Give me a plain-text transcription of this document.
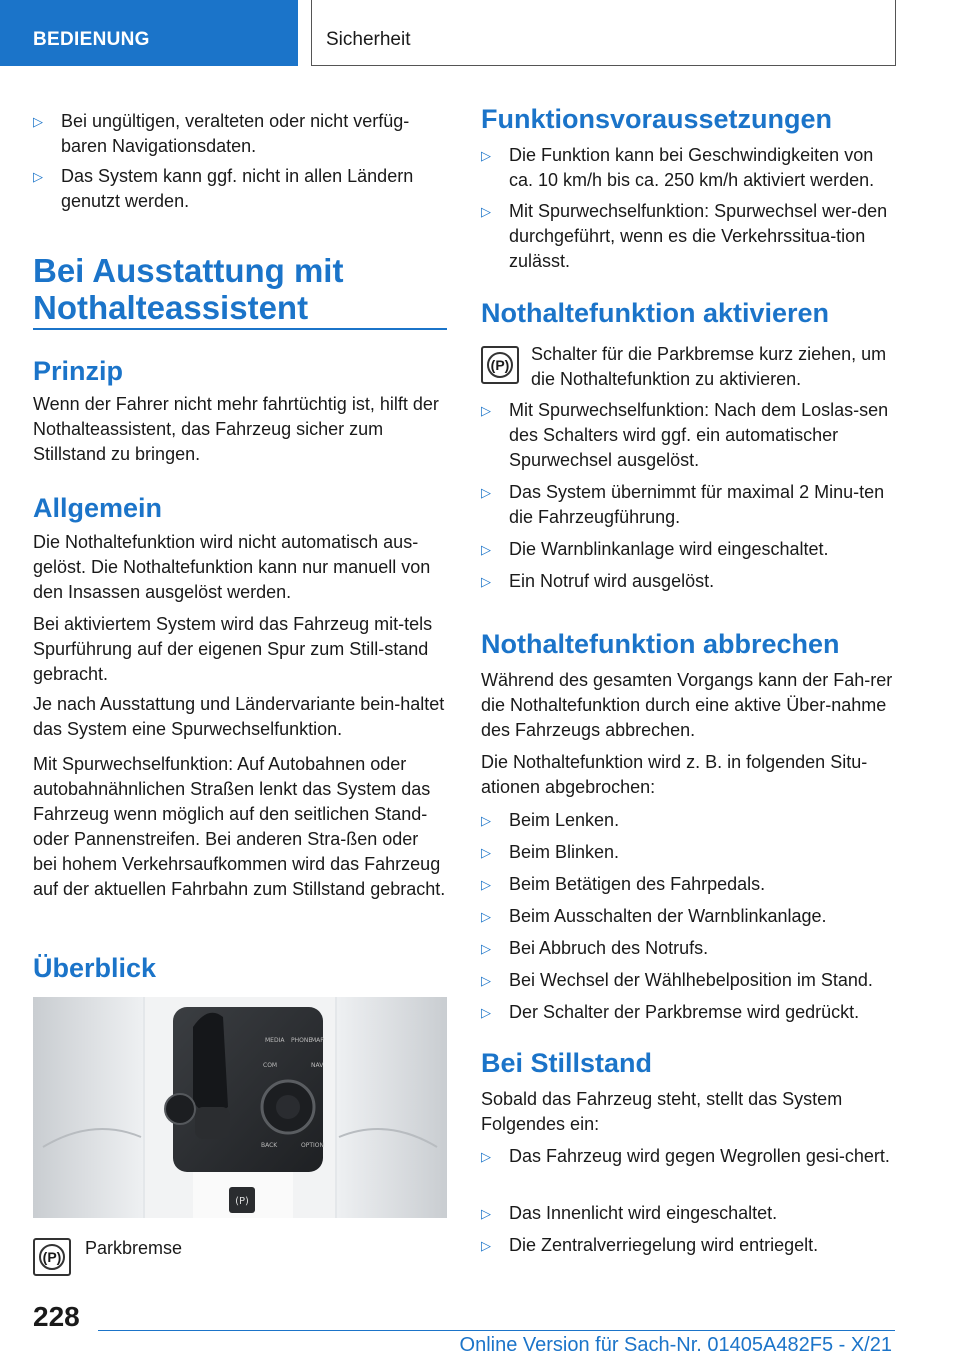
BEDIENUNG	Sicherheit
▷	Bei ungültigen, veralteten oder nicht verfüg-baren Navigationsdaten.
▷	Das System kann ggf. nicht in allen Ländern genutzt werden.
Bei Ausstattung mit Nothalteassistent
Prinzip
Wenn der Fahrer nicht mehr fahrtüchtig ist, hilft der Nothalteassistent, das Fahrzeug sicher zum Stillstand zu bringen.
Allgemein
Die Nothaltefunktion wird nicht automatisch aus-gelöst. Die Nothaltefunktion kann nur manuell von den Insassen ausgelöst werden.
Bei aktiviertem System wird das Fahrzeug mit-tels Spurführung auf der eigenen Spur zum Still-stand gebracht.
Je nach Ausstattung und Ländervariante bein-haltet das System eine Spurwechselfunktion.
Mit Spurwechselfunktion: Auf Autobahnen oder autobahnähnlichen Straßen lenkt das System das Fahrzeug wenn möglich auf den seitlichen Stand- oder Pannenstreifen. Bei anderen Stra-ßen oder bei hohem Verkehrsaufkommen wird das Fahrzeug auf der aktuellen Fahrbahn zum Stillstand gebracht.
Überblick
(P)
MEDIA PHONE
MAP
COM	NAV
BACK	OPTION
(P) Parkbremse
Funktionsvoraussetzungen
▷	Die Funktion kann bei Geschwindigkeiten von ca. 10 km/h bis ca. 250 km/h aktiviert werden.
▷	Mit Spurwechselfunktion: Spurwechsel wer-den durchgeführt, wenn es die Verkehrssitua-tion zulässt.
Nothaltefunktion aktivieren
(P)
Schalter für die Parkbremse kurz ziehen, um die Nothaltefunktion zu aktivieren.
▷	Mit Spurwechselfunktion: Nach dem Loslas-sen des Schalters wird ggf. ein automatischer Spurwechsel ausgelöst.
▷	Das System übernimmt für maximal 2 Minu-ten die Fahrzeugführung.
▷	Die Warnblinkanlage wird eingeschaltet.
▷	Ein Notruf wird ausgelöst.
Nothaltefunktion abbrechen
Während des gesamten Vorgangs kann der Fah-rer die Nothaltefunktion durch eine aktive Über-nahme des Fahrzeugs abbrechen.
Die Nothaltefunktion wird z. B. in folgenden Situ-ationen abgebrochen:
▷	Beim Lenken.
▷	Beim Blinken.
▷	Beim Betätigen des Fahrpedals.
▷	Beim Ausschalten der Warnblinkanlage.
▷	Bei Abbruch des Notrufs.
▷	Bei Wechsel der Wählhebelposition im Stand.
▷	Der Schalter der Parkbremse wird gedrückt.
Bei Stillstand
Sobald das Fahrzeug steht, stellt das System Folgendes ein:
▷	Das Fahrzeug wird gegen Wegrollen gesi-chert.
▷	Das Innenlicht wird eingeschaltet.
▷	Die Zentralverriegelung wird entriegelt.
228
Online Version für Sach-Nr. 01405A482F5 - X/21
